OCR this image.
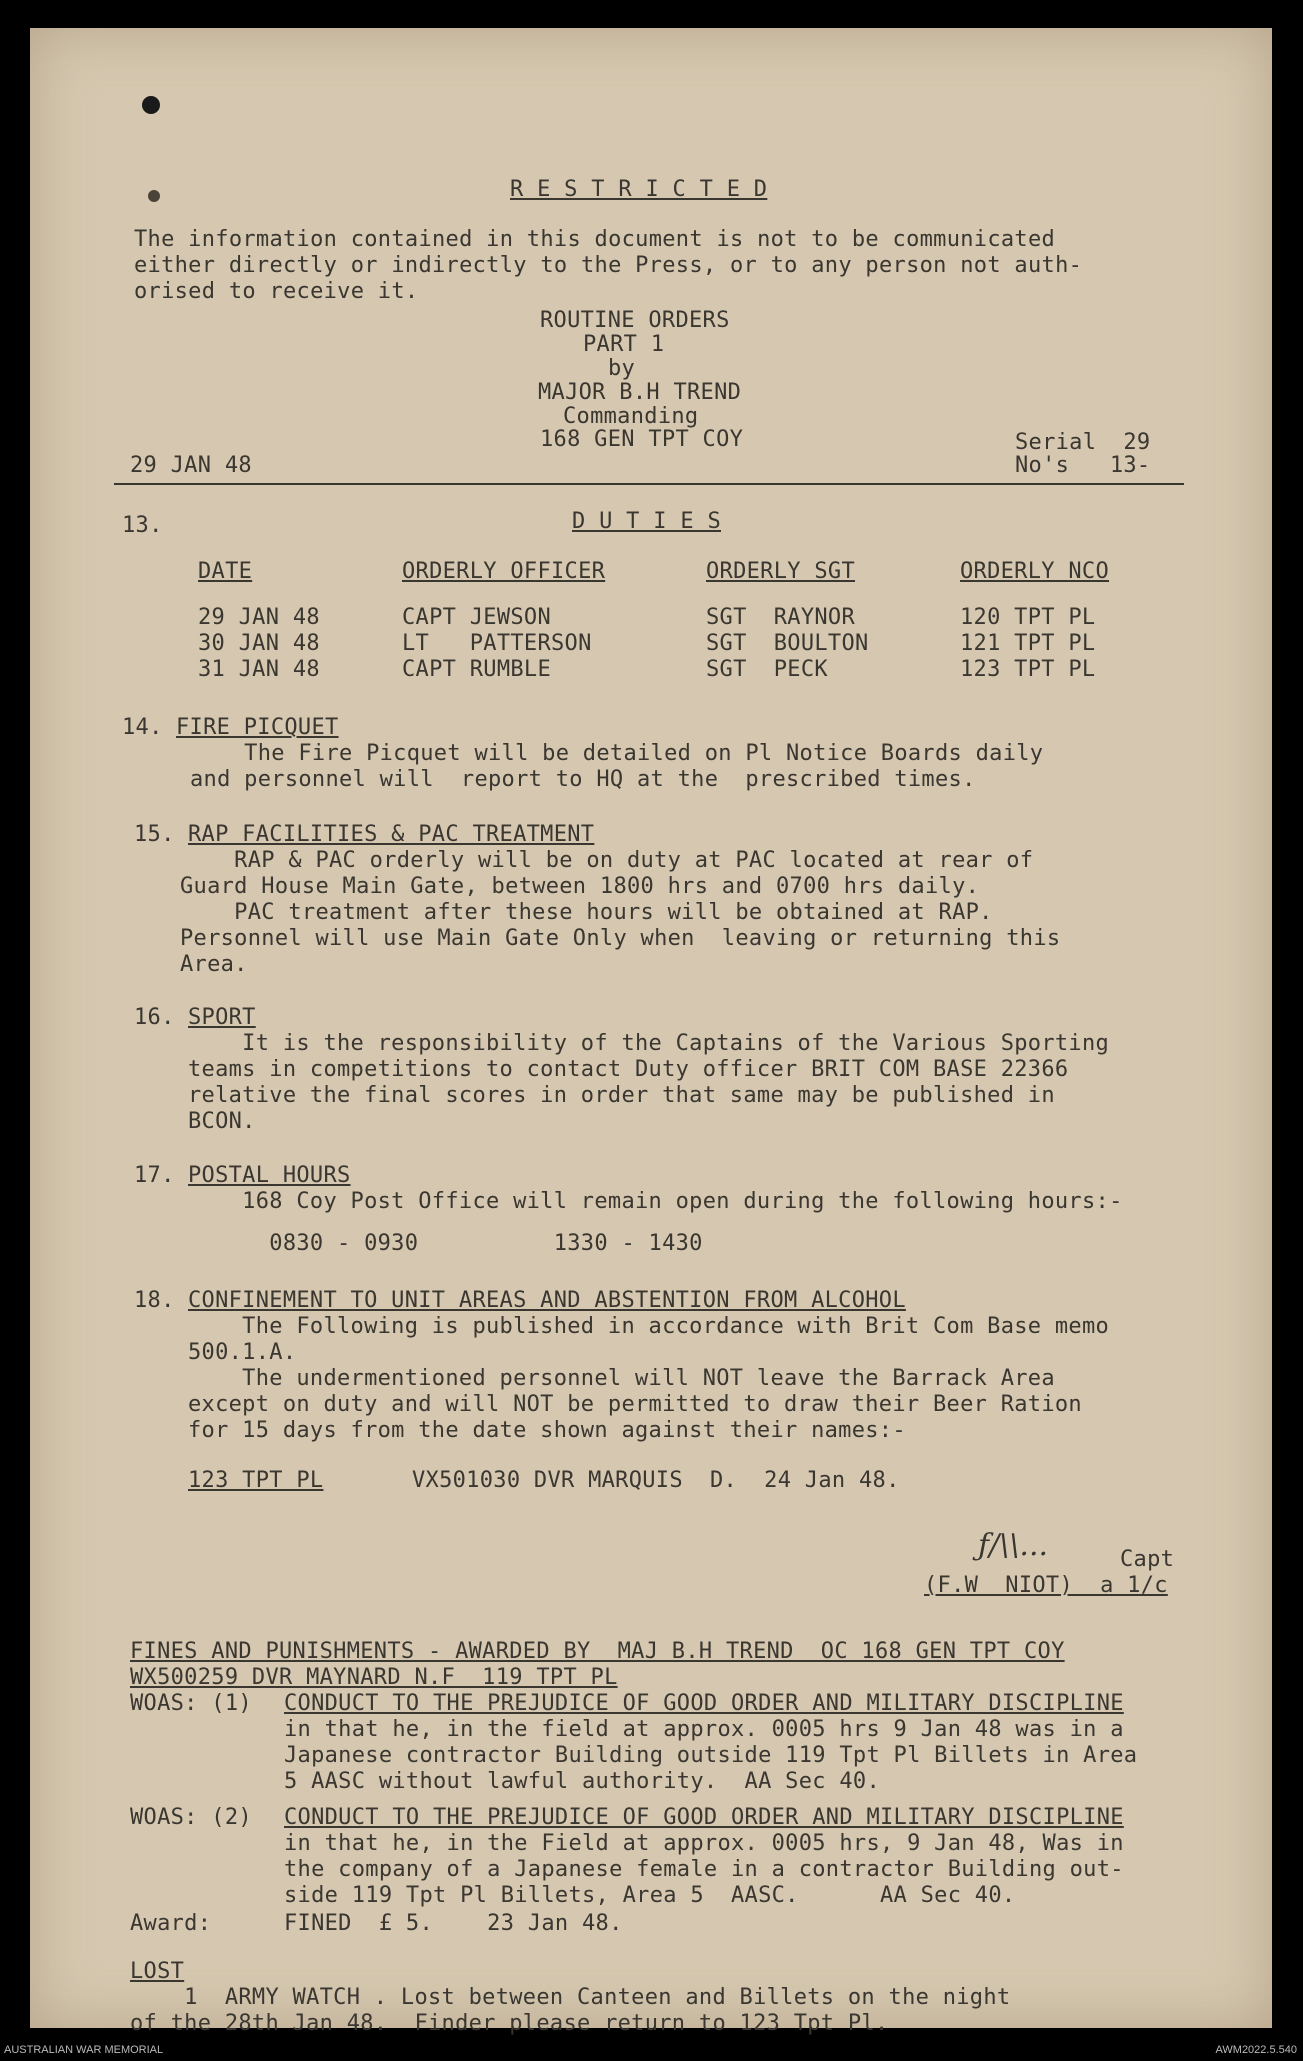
R E S T R I C T E D
The information contained in this document is not to be communicated
either directly or indirectly to the Press, or to any person not auth-
orised to receive it.
ROUTINE ORDERS
PART 1
by
MAJOR B.H TREND
Commanding
168 GEN TPT COY	Serial  29
29 JAN 48	No's   13-
13.	D U T I E S
DATE	ORDERLY OFFICER	ORDERLY SGT	ORDERLY NCO
29 JAN 48	CAPT JEWSON	SGT  RAYNOR	120 TPT PL
30 JAN 48	LT   PATTERSON	SGT  BOULTON	121 TPT PL
31 JAN 48	CAPT RUMBLE	SGT  PECK	123 TPT PL
14. FIRE PICQUET
The Fire Picquet will be detailed on Pl Notice Boards daily
and personnel will  report to HQ at the  prescribed times.
15. RAP FACILITIES & PAC TREATMENT
RAP & PAC orderly will be on duty at PAC located at rear of
Guard House Main Gate, between 1800 hrs and 0700 hrs daily.
PAC treatment after these hours will be obtained at RAP.
Personnel will use Main Gate Only when  leaving or returning this
Area.
16. SPORT
It is the responsibility of the Captains of the Various Sporting
teams in competitions to contact Duty officer BRIT COM BASE 22366
relative the final scores in order that same may be published in
BCON.
17. POSTAL HOURS
168 Coy Post Office will remain open during the following hours:-
0830 - 0930          1330 - 1430
18. CONFINEMENT TO UNIT AREAS AND ABSTENTION FROM ALCOHOL
The Following is published in accordance with Brit Com Base memo
500.1.A.
The undermentioned personnel will NOT leave the Barrack Area
except on duty and will NOT be permitted to draw their Beer Ration
for 15 days from the date shown against their names:-
123 TPT PL	VX501030 DVR MARQUIS  D.  24 Jan 48.
ƒ/\\...	Capt
(F.W  NIOT)  a 1/c
FINES AND PUNISHMENTS - AWARDED BY  MAJ B.H TREND  OC 168 GEN TPT COY
WX500259 DVR MAYNARD N.F  119 TPT PL
WOAS: (1) CONDUCT TO THE PREJUDICE OF GOOD ORDER AND MILITARY DISCIPLINE
in that he, in the field at approx. 0005 hrs 9 Jan 48 was in a
Japanese contractor Building outside 119 Tpt Pl Billets in Area
5 AASC without lawful authority.  AA Sec 40.
WOAS: (2) CONDUCT TO THE PREJUDICE OF GOOD ORDER AND MILITARY DISCIPLINE
in that he, in the Field at approx. 0005 hrs, 9 Jan 48, Was in
the company of a Japanese female in a contractor Building out-
side 119 Tpt Pl Billets, Area 5  AASC.      AA Sec 40.
Award:	FINED  £ 5.    23 Jan 48.
LOST
1  ARMY WATCH . Lost between Canteen and Billets on the night
of the 28th Jan 48.  Finder please return to 123 Tpt Pl.
AUSTRALIAN WAR MEMORIAL	AWM2022.5.540
